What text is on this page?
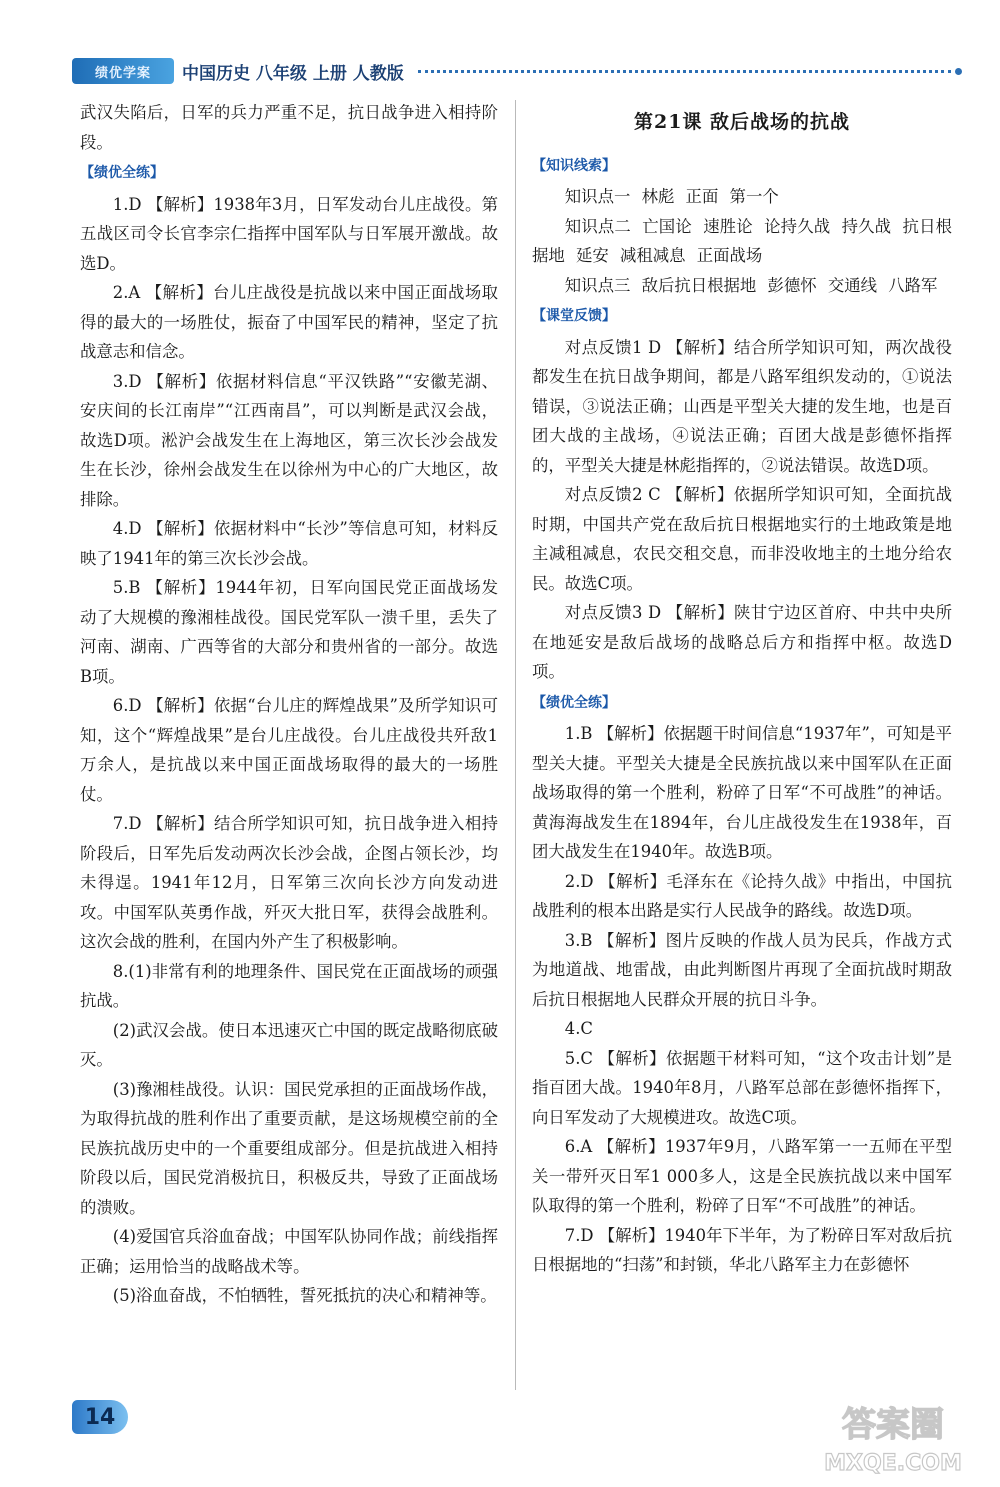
绩优学案	中国历史 八年级 上册 人教版

武汉失陷后，日军的兵力严重不足，抗日战争进入相持阶段。

【绩优全练】

1.D 【解析】1938年3月，日军发动台儿庄战役。第五战区司令长官李宗仁指挥中国军队与日军展开激战。故选D。

2.A 【解析】台儿庄战役是抗战以来中国正面战场取得的最大的一场胜仗，振奋了中国军民的精神，坚定了抗战意志和信念。

3.D 【解析】依据材料信息“平汉铁路”“安徽芜湖、安庆间的长江南岸”“江西南昌”，可以判断是武汉会战，故选D项。淞沪会战发生在上海地区，第三次长沙会战发生在长沙，徐州会战发生在以徐州为中心的广大地区，故排除。

4.D 【解析】依据材料中“长沙”等信息可知，材料反映了1941年的第三次长沙会战。

5.B 【解析】1944年初，日军向国民党正面战场发动了大规模的豫湘桂战役。国民党军队一溃千里，丢失了河南、湖南、广西等省的大部分和贵州省的一部分。故选B项。

6.D 【解析】依据“台儿庄的辉煌战果”及所学知识可知，这个“辉煌战果”是台儿庄战役。台儿庄战役共歼敌1万余人，是抗战以来中国正面战场取得的最大的一场胜仗。

7.D 【解析】结合所学知识可知，抗日战争进入相持阶段后，日军先后发动两次长沙会战，企图占领长沙，均未得逞。1941年12月，日军第三次向长沙方向发动进攻。中国军队英勇作战，歼灭大批日军，获得会战胜利。这次会战的胜利，在国内外产生了积极影响。

8.(1)非常有利的地理条件、国民党在正面战场的顽强抗战。

(2)武汉会战。使日本迅速灭亡中国的既定战略彻底破灭。

(3)豫湘桂战役。认识：国民党承担的正面战场作战，为取得抗战的胜利作出了重要贡献，是这场规模空前的全民族抗战历史中的一个重要组成部分。但是抗战进入相持阶段以后，国民党消极抗日，积极反共，导致了正面战场的溃败。

(4)爱国官兵浴血奋战；中国军队协同作战；前线指挥正确；运用恰当的战略战术等。

(5)浴血奋战，不怕牺牲，誓死抵抗的决心和精神等。

第21课 敌后战场的抗战

【知识线索】

知识点一 林彪 正面 第一个

知识点二 亡国论 速胜论 论持久战 持久战 抗日根据地 延安 减租减息 正面战场

知识点三 敌后抗日根据地 彭德怀 交通线 八路军

【课堂反馈】

对点反馈1 D 【解析】结合所学知识可知，两次战役都发生在抗日战争期间，都是八路军组织发动的，①说法错误，③说法正确；山西是平型关大捷的发生地，也是百团大战的主战场，④说法正确；百团大战是彭德怀指挥的，平型关大捷是林彪指挥的，②说法错误。故选D项。

对点反馈2 C 【解析】依据所学知识可知，全面抗战时期，中国共产党在敌后抗日根据地实行的土地政策是地主减租减息，农民交租交息，而非没收地主的土地分给农民。故选C项。

对点反馈3 D 【解析】陕甘宁边区首府、中共中央所在地延安是敌后战场的战略总后方和指挥中枢。故选D项。

【绩优全练】

1.B 【解析】依据题干时间信息“1937年”，可知是平型关大捷。平型关大捷是全民族抗战以来中国军队在正面战场取得的第一个胜利，粉碎了日军“不可战胜”的神话。黄海海战发生在1894年，台儿庄战役发生在1938年，百团大战发生在1940年。故选B项。

2.D 【解析】毛泽东在《论持久战》中指出，中国抗战胜利的根本出路是实行人民战争的路线。故选D项。

3.B 【解析】图片反映的作战人员为民兵，作战方式为地道战、地雷战，由此判断图片再现了全面抗战时期敌后抗日根据地人民群众开展的抗日斗争。

4.C

5.C 【解析】依据题干材料可知，“这个攻击计划”是指百团大战。1940年8月，八路军总部在彭德怀指挥下，向日军发动了大规模进攻。故选C项。

6.A 【解析】1937年9月，八路军第一一五师在平型关一带歼灭日军1 000多人，这是全民族抗战以来中国军队取得的第一个胜利，粉碎了日军“不可战胜”的神话。

7.D 【解析】1940年下半年，为了粉碎日军对敌后抗日根据地的“扫荡”和封锁，华北八路军主力在彭德怀

14	答案圈
MXQE.COM
